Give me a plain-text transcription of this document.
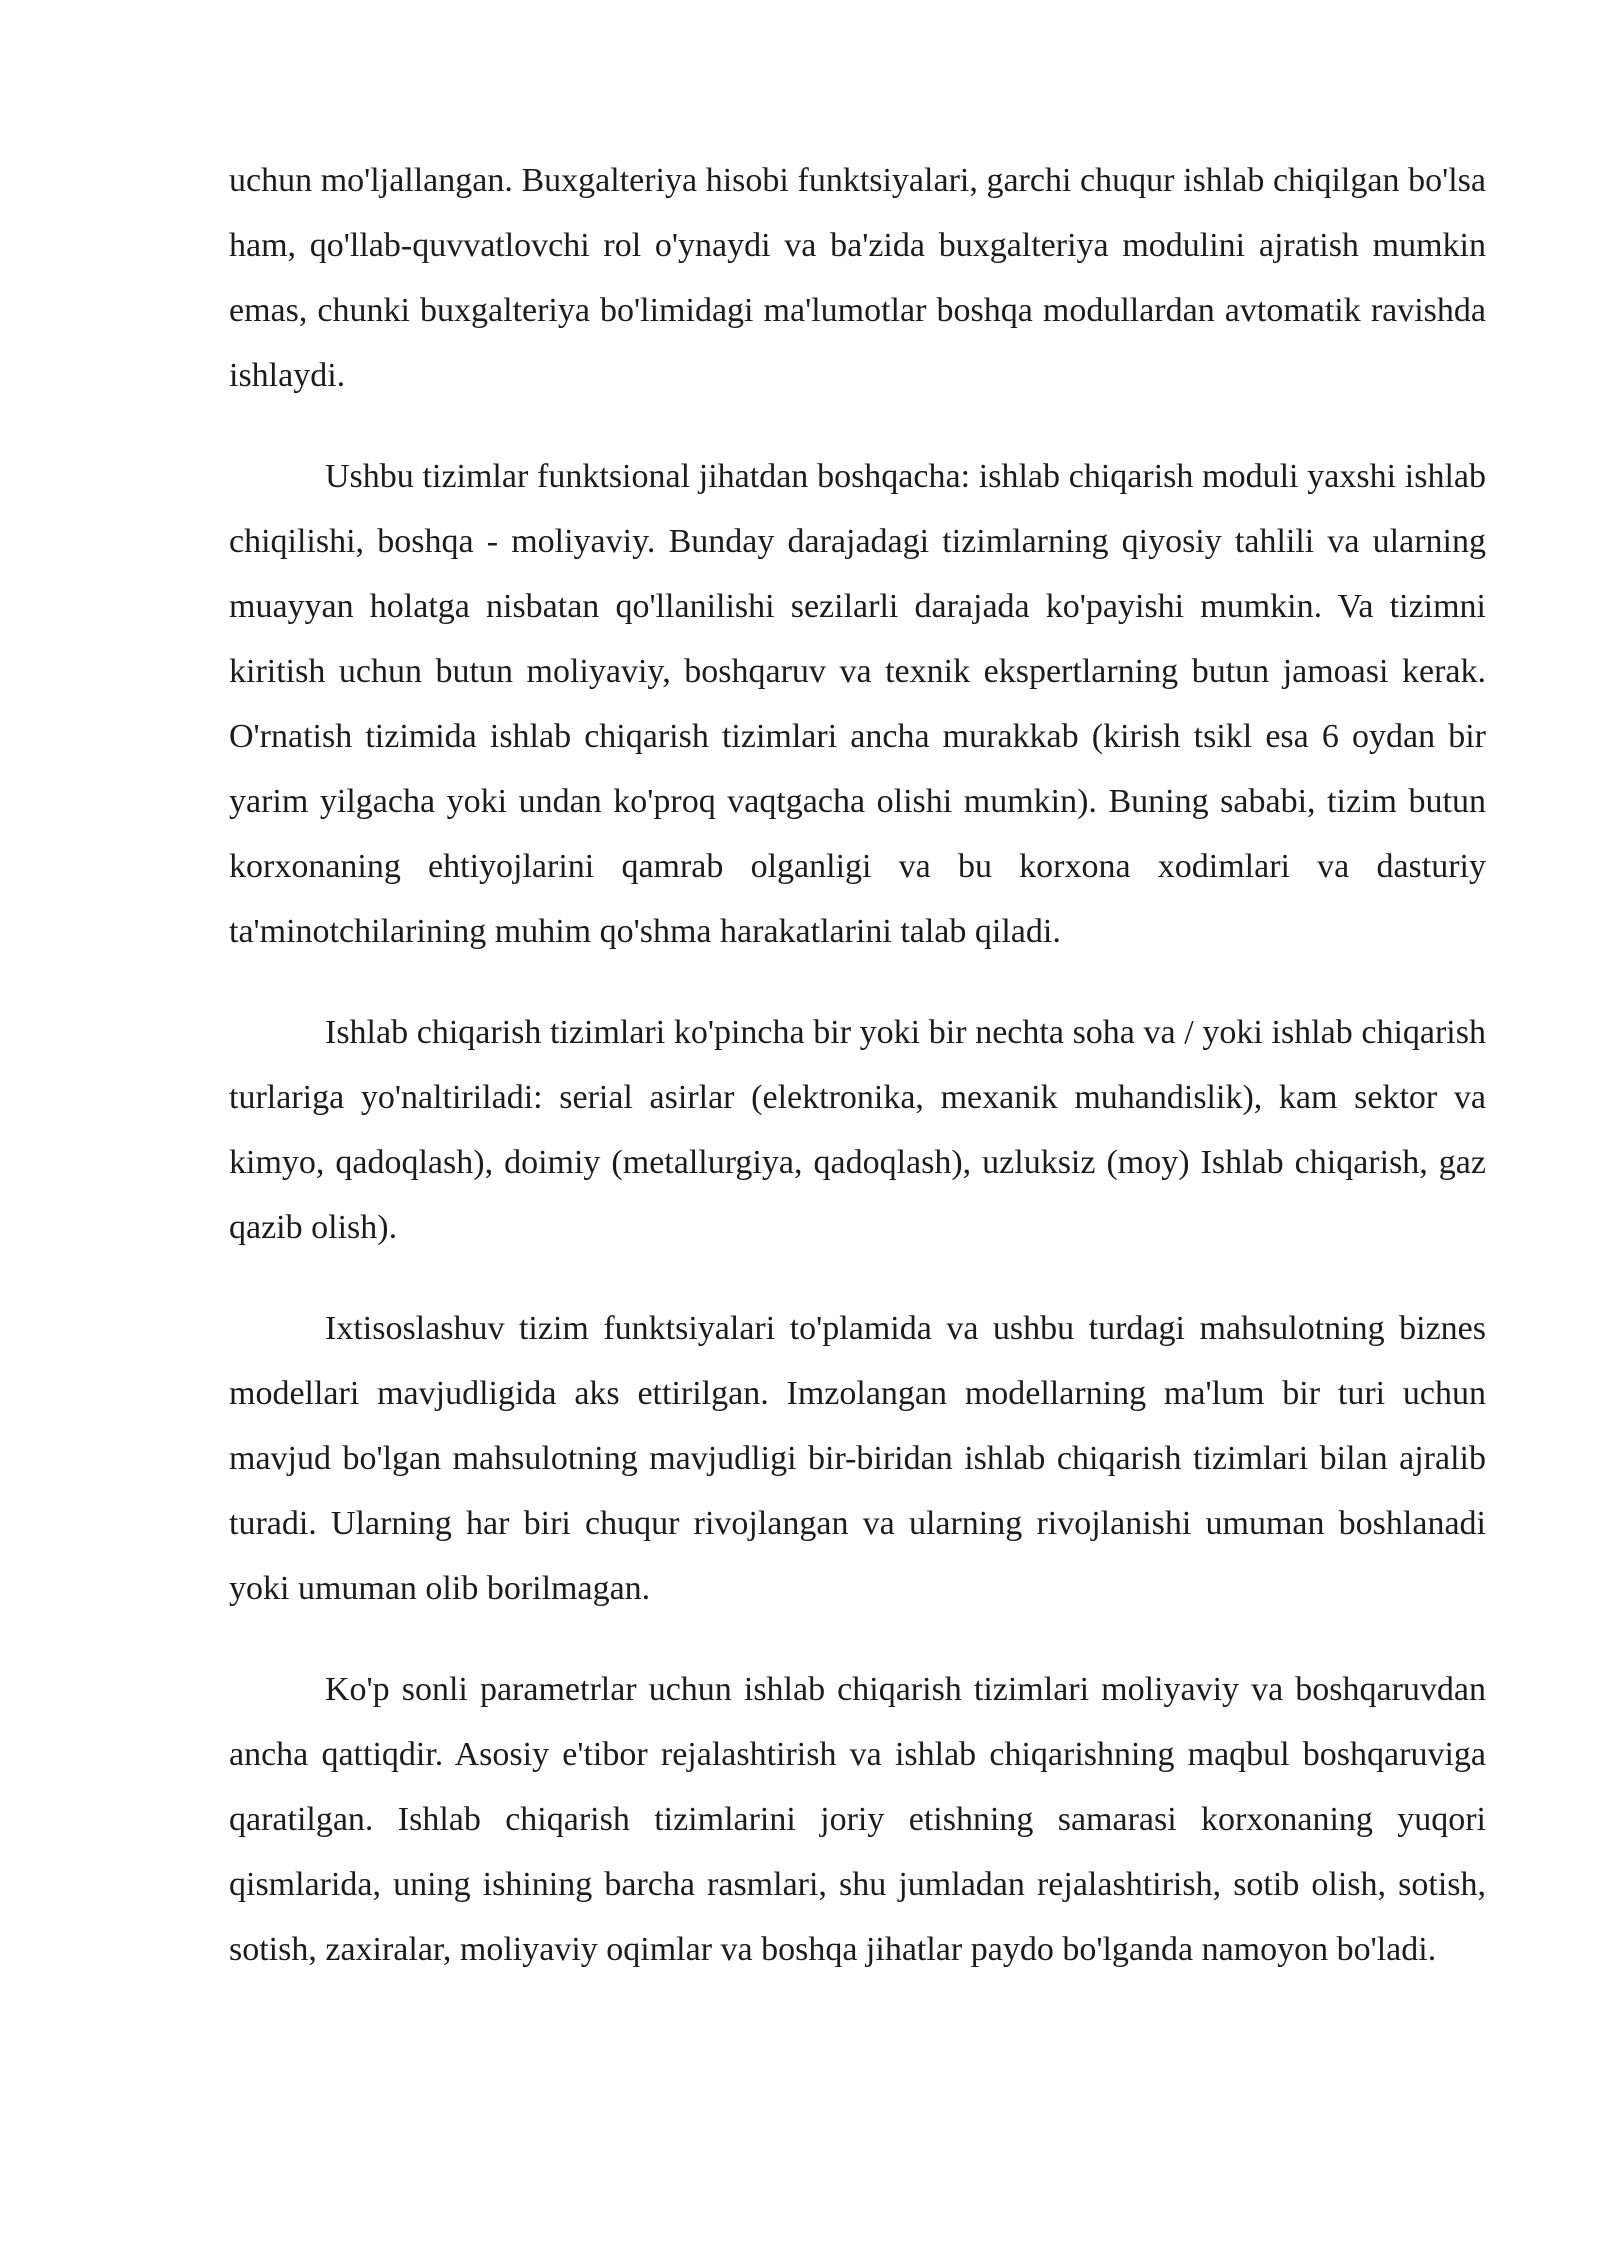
uchun mo'ljallangan. Buxgalteriya hisobi funktsiyalari, garchi chuqur ishlab chiqilgan bo'lsa ham, qo'llab-quvvatlovchi rol o'ynaydi va ba'zida buxgalteriya modulini ajratish mumkin emas, chunki buxgalteriya bo'limidagi ma'lumotlar boshqa modullardan avtomatik ravishda ishlaydi.

Ushbu tizimlar funktsional jihatdan boshqacha: ishlab chiqarish moduli yaxshi ishlab chiqilishi, boshqa - moliyaviy. Bunday darajadagi tizimlarning qiyosiy tahlili va ularning muayyan holatga nisbatan qo'llanilishi sezilarli darajada ko'payishi mumkin. Va tizimni kiritish uchun butun moliyaviy, boshqaruv va texnik ekspertlarning butun jamoasi kerak. O'rnatish tizimida ishlab chiqarish tizimlari ancha murakkab (kirish tsikl esa 6 oydan bir yarim yilgacha yoki undan ko'proq vaqtgacha olishi mumkin). Buning sababi, tizim butun korxonaning ehtiyojlarini qamrab olganligi va bu korxona xodimlari va dasturiy ta'minotchilarining muhim qo'shma harakatlarini talab qiladi.

Ishlab chiqarish tizimlari ko'pincha bir yoki bir nechta soha va / yoki ishlab chiqarish turlariga yo'naltiriladi: serial asirlar (elektronika, mexanik muhandislik), kam sektor va kimyo, qadoqlash), doimiy (metallurgiya, qadoqlash), uzluksiz (moy) Ishlab chiqarish, gaz qazib olish).

Ixtisoslashuv tizim funktsiyalari to'plamida va ushbu turdagi mahsulotning biznes modellari mavjudligida aks ettirilgan. Imzolangan modellarning ma'lum bir turi uchun mavjud bo'lgan mahsulotning mavjudligi bir-biridan ishlab chiqarish tizimlari bilan ajralib turadi. Ularning har biri chuqur rivojlangan va ularning rivojlanishi umuman boshlanadi yoki umuman olib borilmagan.

Ko'p sonli parametrlar uchun ishlab chiqarish tizimlari moliyaviy va boshqaruvdan ancha qattiqdir. Asosiy e'tibor rejalashtirish va ishlab chiqarishning maqbul boshqaruviga qaratilgan. Ishlab chiqarish tizimlarini joriy etishning samarasi korxonaning yuqori qismlarida, uning ishining barcha rasmlari, shu jumladan rejalashtirish, sotib olish, sotish, sotish, zaxiralar, moliyaviy oqimlar va boshqa jihatlar paydo bo'lganda namoyon bo'ladi.
